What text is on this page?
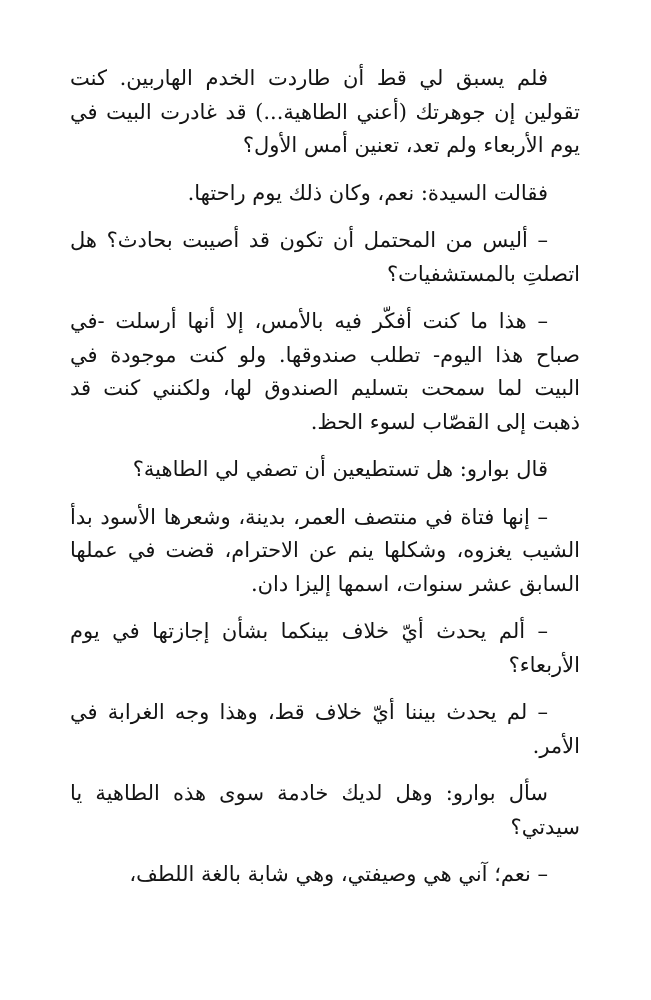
فلم يسبق لي قط أن طاردت الخدم الهاربين. كنت تقولين إن جوهرتك (أعني الطاهية...) قد غادرت البيت في يوم الأربعاء ولم تعد، تعنين أمس الأول؟

فقالت السيدة: نعم، وكان ذلك يوم راحتها.

– أليس من المحتمل أن تكون قد أصيبت بحادث؟ هل اتصلتِ بالمستشفيات؟

– هذا ما كنت أفكّر فيه بالأمس، إلا أنها أرسلت -في صباح هذا اليوم- تطلب صندوقها. ولو كنت موجودة في البيت لما سمحت بتسليم الصندوق لها، ولكنني كنت قد ذهبت إلى القصّاب لسوء الحظ.

قال بوارو: هل تستطيعين أن تصفي لي الطاهية؟

– إنها فتاة في منتصف العمر، بدينة، وشعرها الأسود بدأ الشيب يغزوه، وشكلها ينم عن الاحترام، قضت في عملها السابق عشر سنوات، اسمها إليزا دان.

– ألم يحدث أيّ خلاف بينكما بشأن إجازتها في يوم الأربعاء؟

– لم يحدث بيننا أيّ خلاف قط، وهذا وجه الغرابة في الأمر.

سأل بوارو: وهل لديك خادمة سوى هذه الطاهية يا سيدتي؟

– نعم؛ آني هي وصيفتي، وهي شابة بالغة اللطف،
